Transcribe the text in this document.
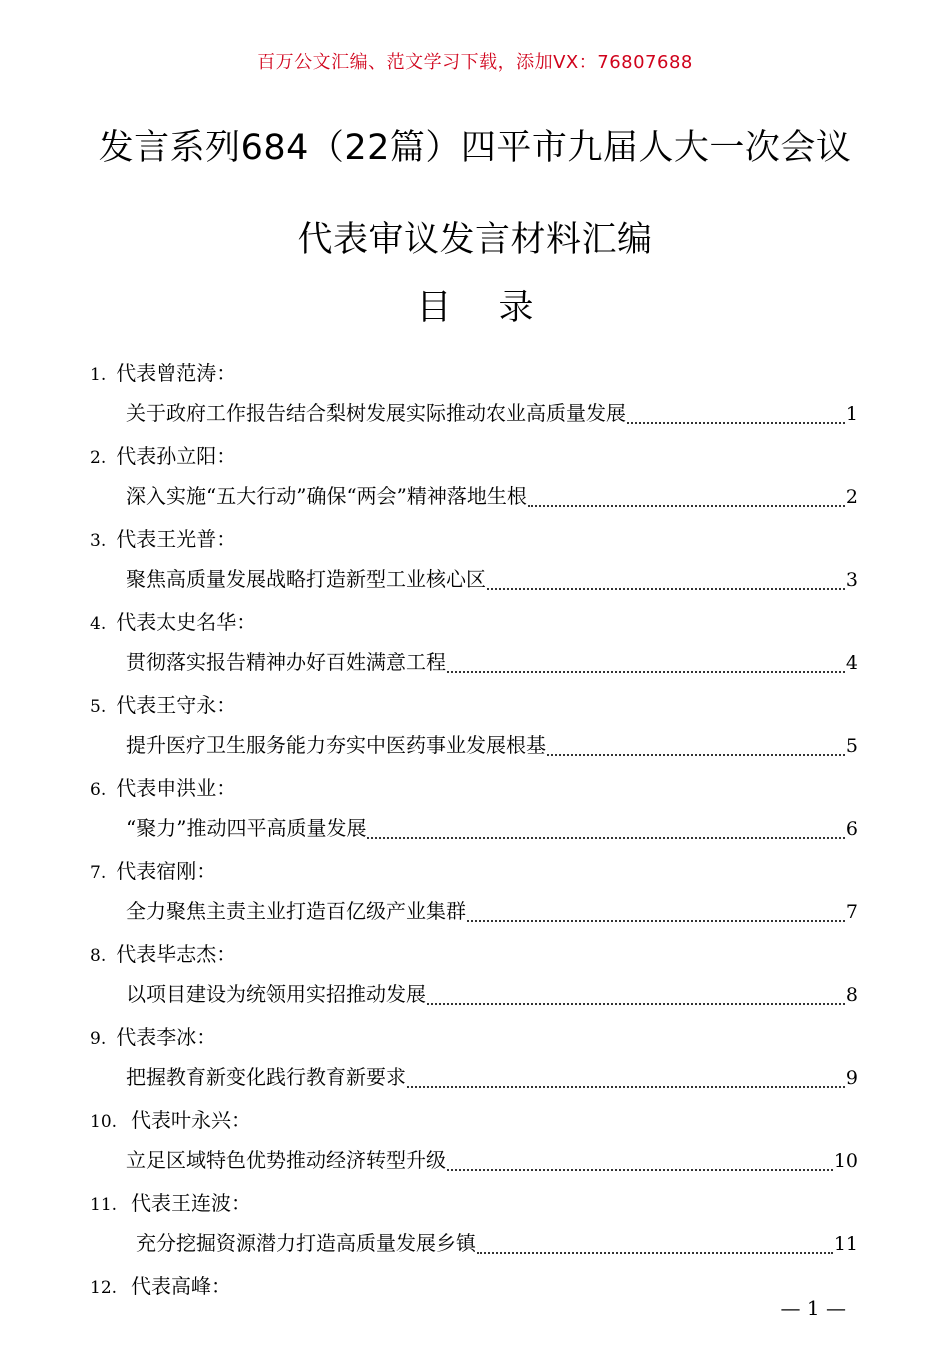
百万公文汇编、范文学习下载，添加VX：76807688
发言系列684（22篇）四平市九届人大一次会议
代表审议发言材料汇编
目 录
1. 代表曾范涛：
关于政府工作报告结合梨树发展实际推动农业高质量发展	1
2. 代表孙立阳：
深入实施“五大行动”确保“两会”精神落地生根	2
3. 代表王光普：
聚焦高质量发展战略打造新型工业核心区	3
4. 代表太史名华：
贯彻落实报告精神办好百姓满意工程	4
5. 代表王守永：
提升医疗卫生服务能力夯实中医药事业发展根基	5
6. 代表申洪业：
“聚力”推动四平高质量发展	6
7. 代表宿刚：
全力聚焦主责主业打造百亿级产业集群	7
8. 代表毕志杰：
以项目建设为统领用实招推动发展	8
9. 代表李冰：
把握教育新变化践行教育新要求	9
10. 代表叶永兴：
立足区域特色优势推动经济转型升级	10
11. 代表王连波：
充分挖掘资源潜力打造高质量发展乡镇	11
12. 代表高峰：
— 1 —
